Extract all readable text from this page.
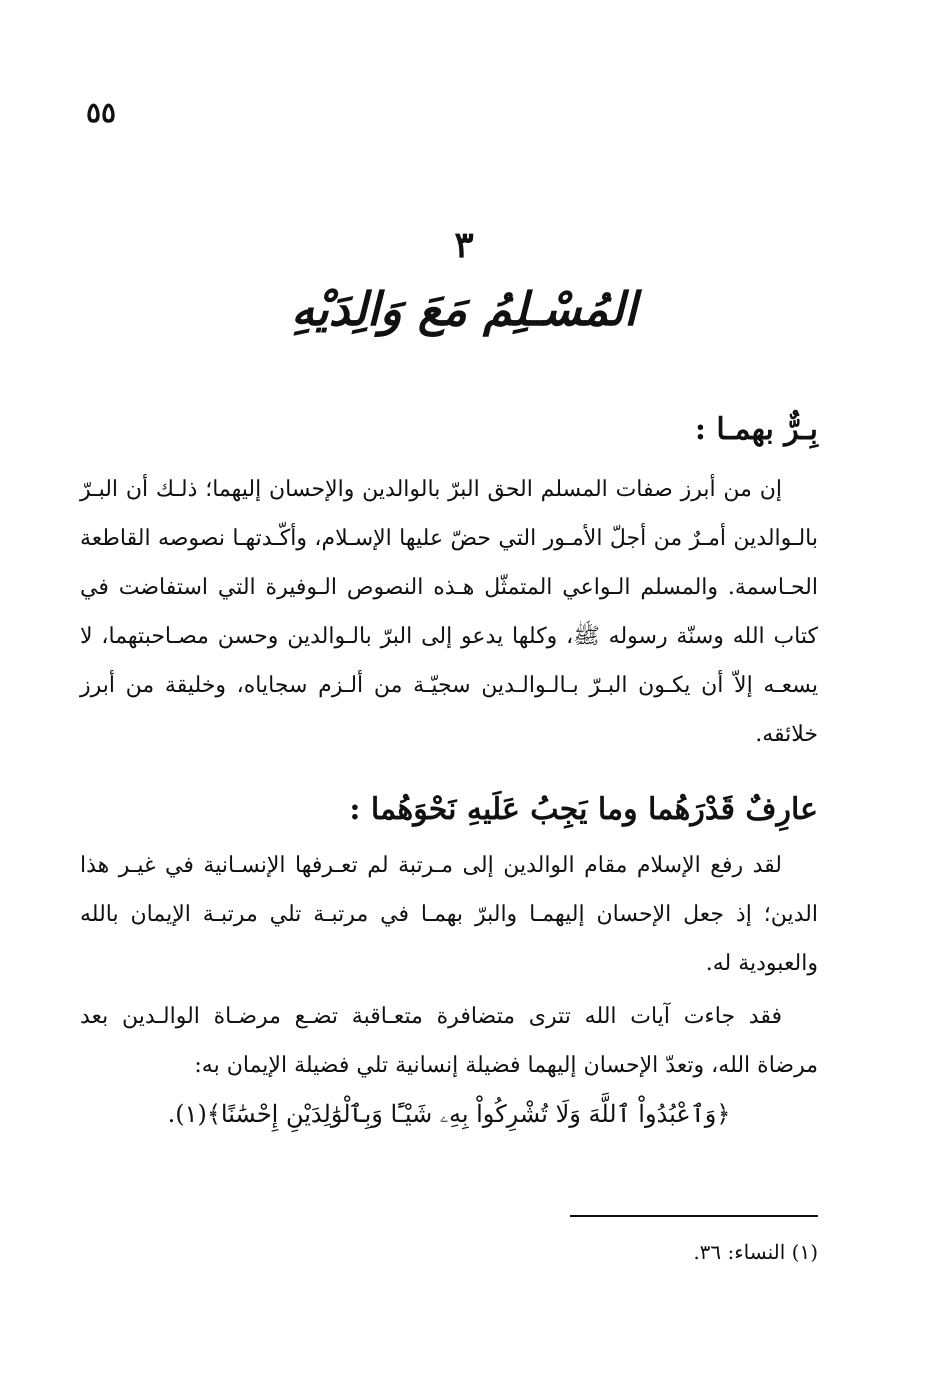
٥٥
٣
المُسْـلِمُ مَعَ وَالِدَيْهِ
بِـرٌّ بهمـا :

إن من أبرز صفات المسلم الحق البرّ بالوالدين والإحسان إليهما؛ ذلـك أن البـرّ بالـوالدين أمـرٌ من أجلّ الأمـور التي حضّ عليها الإسـلام، وأكّـدتهـا نصوصه القاطعة الحـاسمة. والمسلم الـواعي المتمثّل هـذه النصوص الـوفيرة التي استفاضت في كتاب الله وسنّة رسوله ﷺ، وكلها يدعو إلى البرّ بالـوالدين وحسن مصـاحبتهما، لا يسعـه إلاّ أن يكـون البـرّ بـالـوالـدين سجيّـة من ألـزم سجاياه، وخليقة من أبرز خلائقه.

عارِفٌ قَدْرَهُما وما يَجِبُ عَلَيهِ نَحْوَهُما :

لقد رفع الإسلام مقام الوالدين إلى مـرتبة لم تعـرفها الإنسـانية في غيـر هذا الدين؛ إذ جعل الإحسان إليهمـا والبرّ بهمـا في مرتبـة تلي مرتبـة الإيمان بالله والعبودية له.

فقد جاءت آيات الله تترى متضافرة متعـاقبة تضـع مرضـاة الوالـدين بعد مرضاة الله، وتعدّ الإحسان إليهما فضيلة إنسانية تلي فضيلة الإيمان به:

﴿وَٱعْبُدُواْ ٱللَّهَ وَلَا تُشْرِكُواْ بِهِۦ شَيْـًٔا وَبِٱلْوَٰلِدَيْنِ إِحْسَٰنًا﴾(١).

(١) النساء: ٣٦.
